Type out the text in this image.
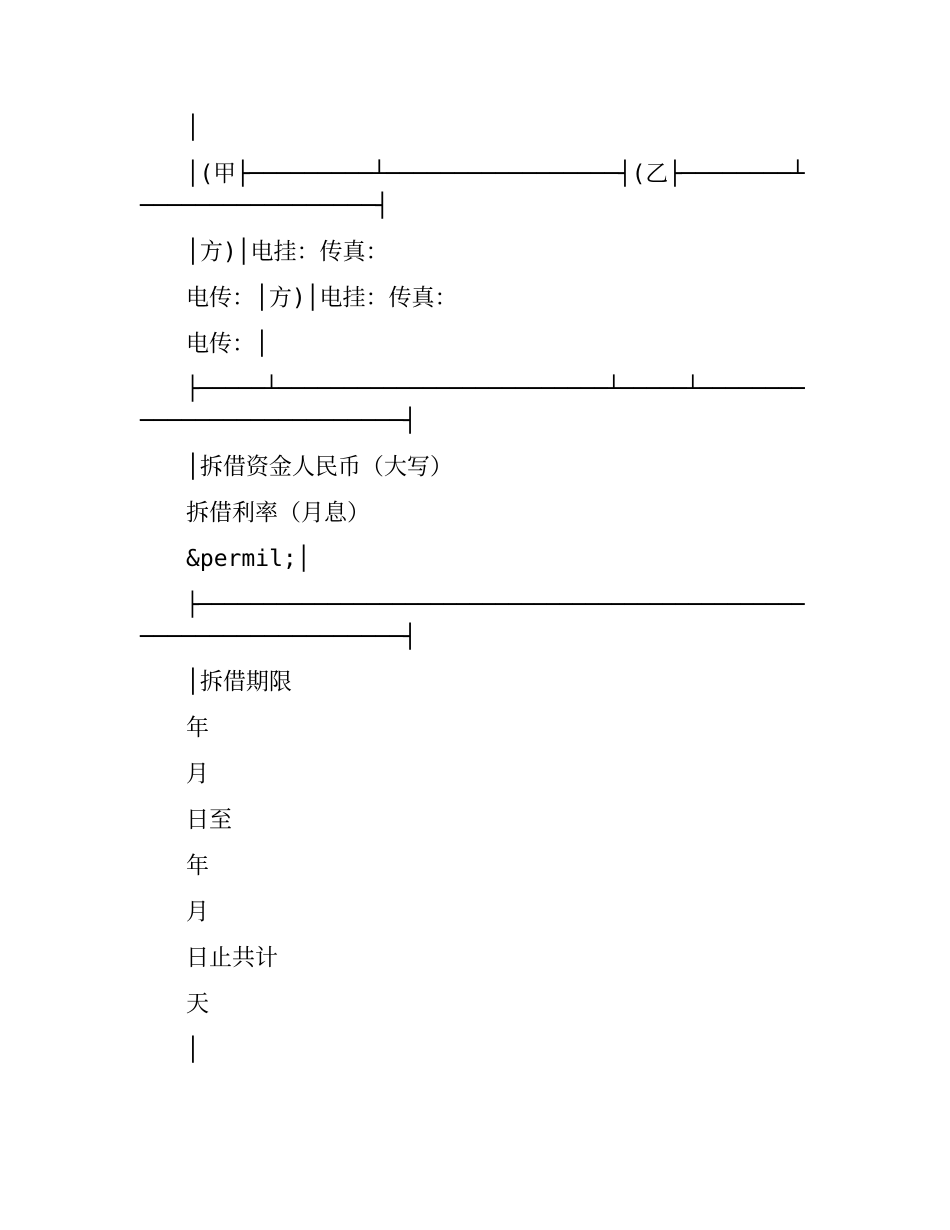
│
│(甲├─────────┴─────────────────┤(乙├────────┴
─────────────────┤
│方)│电挂：传真：
电传：│方)│电挂：传真：
电传：│
├─────┴─────────────────────────┴─────┴────────
───────────────────┤
│拆借资金人民币（大写）
拆借利率（月息）
&permil;│
├───────────────────────────────────────────────
───────────────────┤
│拆借期限
年
月
日至
年
月
日止共计
天
│
